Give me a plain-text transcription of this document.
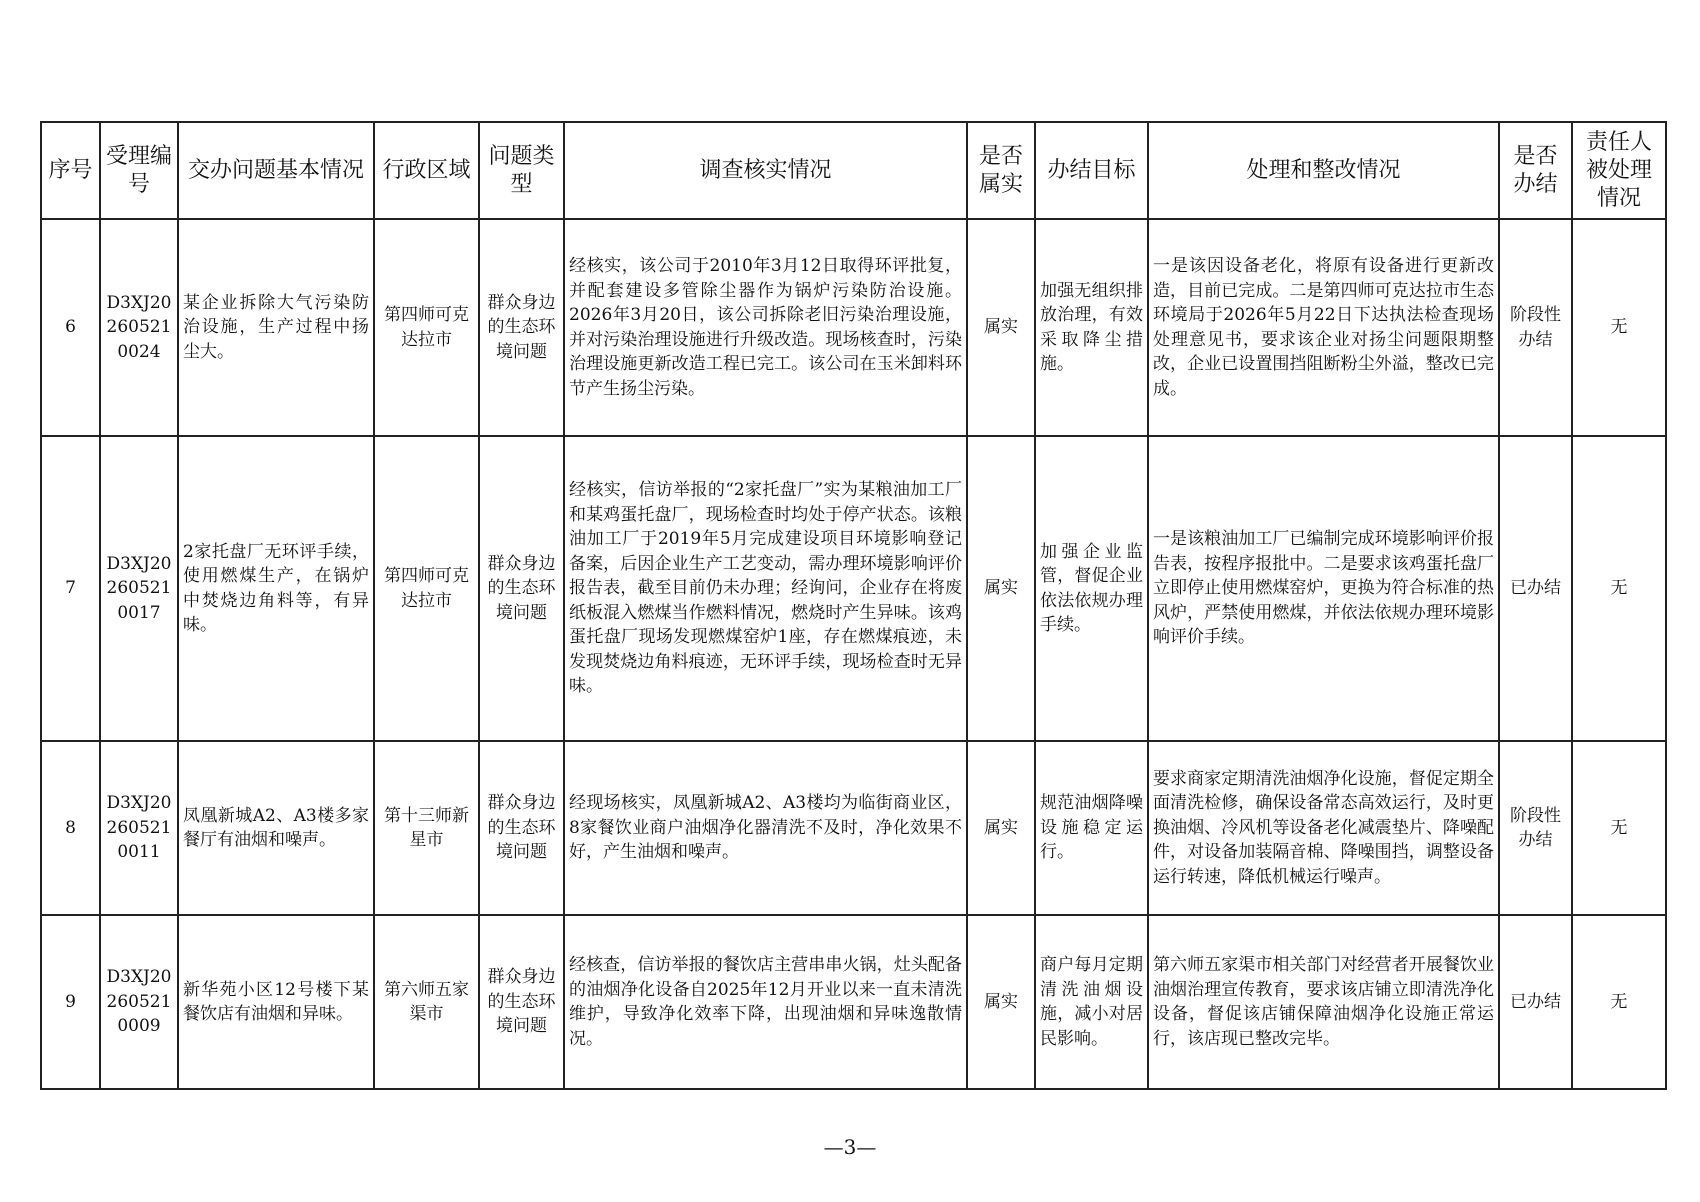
序号	受理编号	交办问题基本情况	行政区域	问题类型	调查核实情况	是否属实	办结目标	处理和整改情况	是否办结	责任人被处理情况
6	D3XJ202605210024	某企业拆除大气污染防治设施，生产过程中扬尘大。	第四师可克达拉市	群众身边的生态环境问题	经核实，该公司于2010年3月12日取得环评批复，并配套建设多管除尘器作为锅炉污染防治设施。2026年3月20日，该公司拆除老旧污染治理设施，并对污染治理设施进行升级改造。现场核查时，污染治理设施更新改造工程已完工。该公司在玉米卸料环节产生扬尘污染。	属实	加强无组织排放治理，有效采取降尘措施。	一是该因设备老化，将原有设备进行更新改造，目前已完成。二是第四师可克达拉市生态环境局于2026年5月22日下达执法检查现场处理意见书，要求该企业对扬尘问题限期整改，企业已设置围挡阻断粉尘外溢，整改已完成。	阶段性办结	无
7	D3XJ202605210017	2家托盘厂无环评手续，使用燃煤生产，在锅炉中焚烧边角料等，有异味。	第四师可克达拉市	群众身边的生态环境问题	经核实，信访举报的“2家托盘厂”实为某粮油加工厂和某鸡蛋托盘厂，现场检查时均处于停产状态。该粮油加工厂于2019年5月完成建设项目环境影响登记备案，后因企业生产工艺变动，需办理环境影响评价报告表，截至目前仍未办理；经询问，企业存在将废纸板混入燃煤当作燃料情况，燃烧时产生异味。该鸡蛋托盘厂现场发现燃煤窑炉1座，存在燃煤痕迹，未发现焚烧边角料痕迹，无环评手续，现场检查时无异味。	属实	加强企业监管，督促企业依法依规办理手续。	一是该粮油加工厂已编制完成环境影响评价报告表，按程序报批中。二是要求该鸡蛋托盘厂立即停止使用燃煤窑炉，更换为符合标准的热风炉，严禁使用燃煤，并依法依规办理环境影响评价手续。	已办结	无
8	D3XJ202605210011	凤凰新城A2、A3楼多家餐厅有油烟和噪声。	第十三师新星市	群众身边的生态环境问题	经现场核实，凤凰新城A2、A3楼均为临街商业区，8家餐饮业商户油烟净化器清洗不及时，净化效果不好，产生油烟和噪声。	属实	规范油烟降噪设施稳定运行。	要求商家定期清洗油烟净化设施，督促定期全面清洗检修，确保设备常态高效运行，及时更换油烟、冷风机等设备老化减震垫片、降噪配件，对设备加装隔音棉、降噪围挡，调整设备运行转速，降低机械运行噪声。	阶段性办结	无
9	D3XJ202605210009	新华苑小区12号楼下某餐饮店有油烟和异味。	第六师五家渠市	群众身边的生态环境问题	经核查，信访举报的餐饮店主营串串火锅，灶头配备的油烟净化设备自2025年12月开业以来一直未清洗维护，导致净化效率下降，出现油烟和异味逸散情况。	属实	商户每月定期清洗油烟设施，减小对居民影响。	第六师五家渠市相关部门对经营者开展餐饮业油烟治理宣传教育，要求该店铺立即清洗净化设备，督促该店铺保障油烟净化设施正常运行，该店现已整改完毕。	已办结	无
—3—
